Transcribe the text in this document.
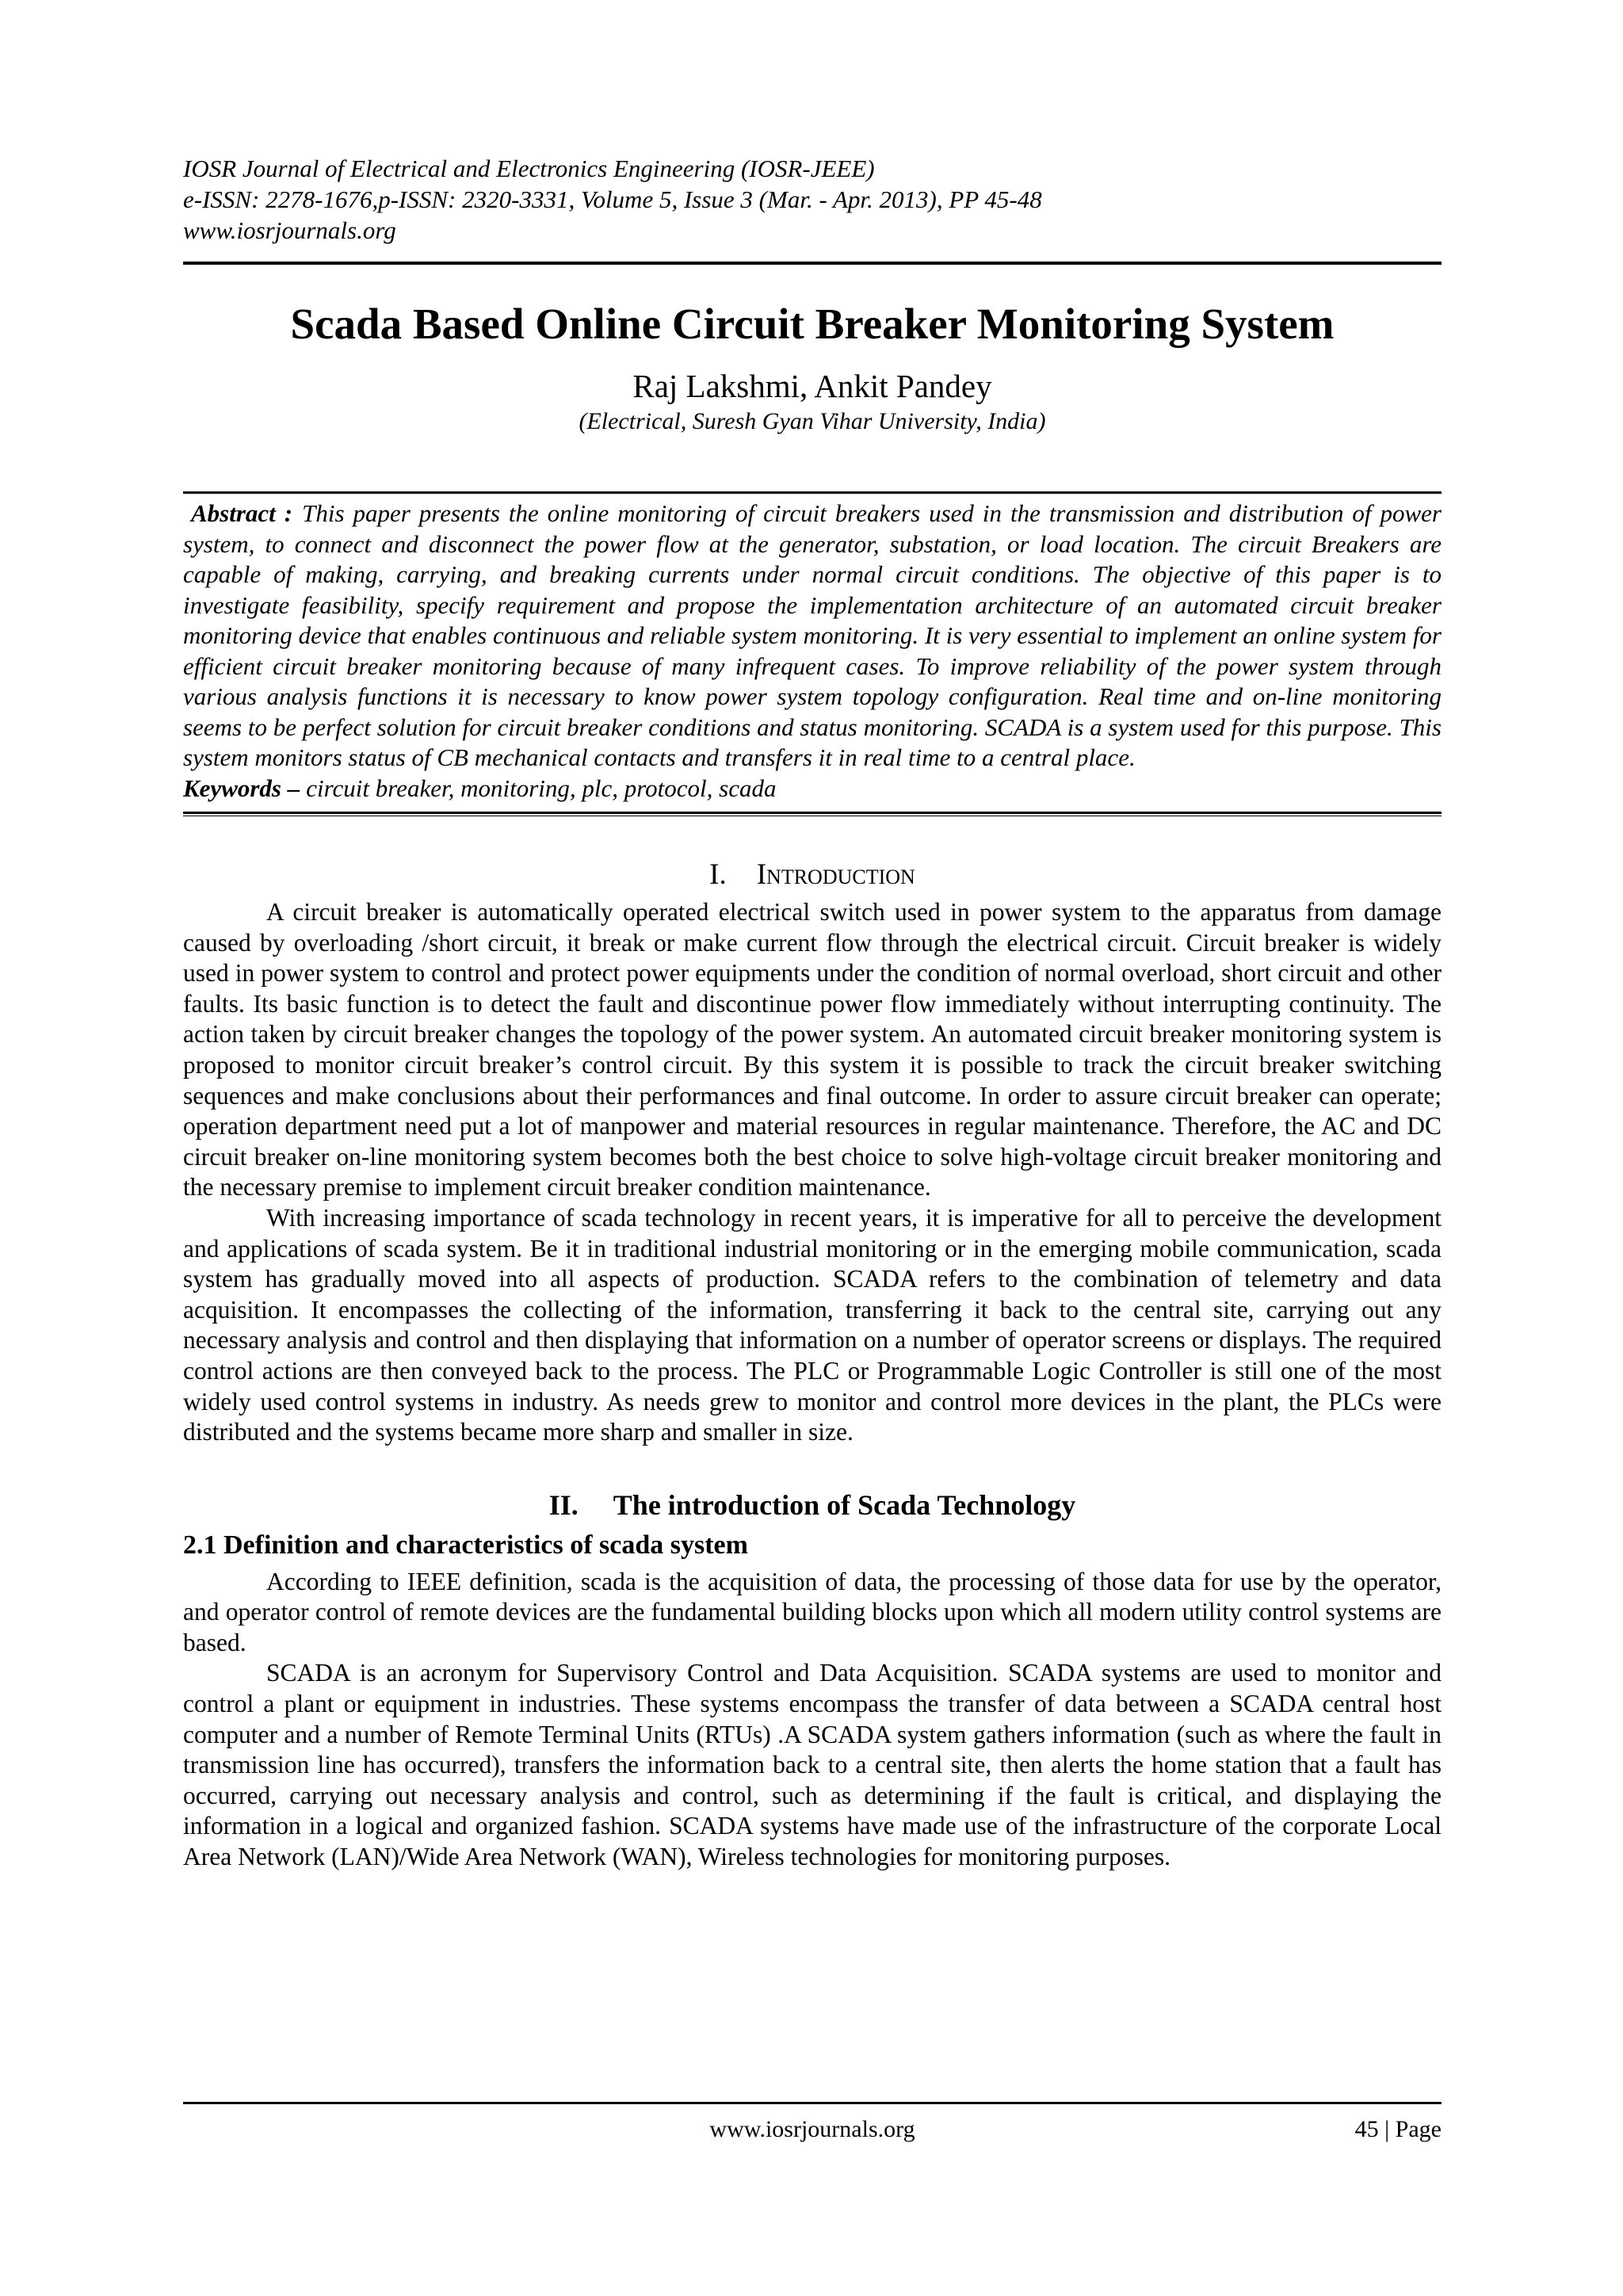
IOSR Journal of Electrical and Electronics Engineering (IOSR-JEEE)
e-ISSN: 2278-1676,p-ISSN: 2320-3331, Volume 5, Issue 3 (Mar. - Apr. 2013), PP 45-48
www.iosrjournals.org
Scada Based Online Circuit Breaker Monitoring System
Raj Lakshmi, Ankit Pandey
(Electrical, Suresh Gyan Vihar University, India)

Abstract : This paper presents the online monitoring of circuit breakers used in the transmission and distribution of power system, to connect and disconnect the power flow at the generator, substation, or load location. The circuit Breakers are capable of making, carrying, and breaking currents under normal circuit conditions. The objective of this paper is to investigate feasibility, specify requirement and propose the implementation architecture of an automated circuit breaker monitoring device that enables continuous and reliable system monitoring. It is very essential to implement an online system for efficient circuit breaker monitoring because of many infrequent cases. To improve reliability of the power system through various analysis functions it is necessary to know power system topology configuration. Real time and on-line monitoring seems to be perfect solution for circuit breaker conditions and status monitoring. SCADA is a system used for this purpose. This system monitors status of CB mechanical contacts and transfers it in real time to a central place.

Keywords – circuit breaker, monitoring, plc, protocol, scada

I. Introduction

A circuit breaker is automatically operated electrical switch used in power system to the apparatus from damage caused by overloading /short circuit, it break or make current flow through the electrical circuit. Circuit breaker is widely used in power system to control and protect power equipments under the condition of normal overload, short circuit and other faults. Its basic function is to detect the fault and discontinue power flow immediately without interrupting continuity. The action taken by circuit breaker changes the topology of the power system. An automated circuit breaker monitoring system is proposed to monitor circuit breaker’s control circuit. By this system it is possible to track the circuit breaker switching sequences and make conclusions about their performances and final outcome. In order to assure circuit breaker can operate; operation department need put a lot of manpower and material resources in regular maintenance. Therefore, the AC and DC circuit breaker on-line monitoring system becomes both the best choice to solve high-voltage circuit breaker monitoring and the necessary premise to implement circuit breaker condition maintenance.

With increasing importance of scada technology in recent years, it is imperative for all to perceive the development and applications of scada system. Be it in traditional industrial monitoring or in the emerging mobile communication, scada system has gradually moved into all aspects of production. SCADA refers to the combination of telemetry and data acquisition. It encompasses the collecting of the information, transferring it back to the central site, carrying out any necessary analysis and control and then displaying that information on a number of operator screens or displays. The required control actions are then conveyed back to the process. The PLC or Programmable Logic Controller is still one of the most widely used control systems in industry. As needs grew to monitor and control more devices in the plant, the PLCs were distributed and the systems became more sharp and smaller in size.

II. The introduction of Scada Technology
2.1 Definition and characteristics of scada system

According to IEEE definition, scada is the acquisition of data, the processing of those data for use by the operator, and operator control of remote devices are the fundamental building blocks upon which all modern utility control systems are based.

SCADA is an acronym for Supervisory Control and Data Acquisition. SCADA systems are used to monitor and control a plant or equipment in industries. These systems encompass the transfer of data between a SCADA central host computer and a number of Remote Terminal Units (RTUs) .A SCADA system gathers information (such as where the fault in transmission line has occurred), transfers the information back to a central site, then alerts the home station that a fault has occurred, carrying out necessary analysis and control, such as determining if the fault is critical, and displaying the information in a logical and organized fashion. SCADA systems have made use of the infrastructure of the corporate Local Area Network (LAN)/Wide Area Network (WAN), Wireless technologies for monitoring purposes.

www.iosrjournals.org	45 | Page
